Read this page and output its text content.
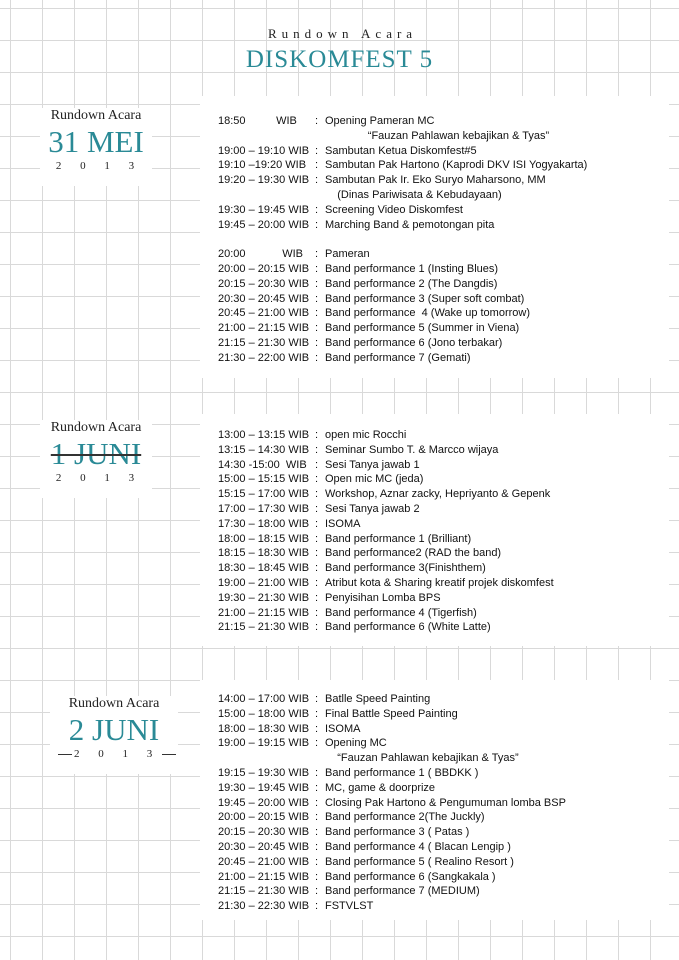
Rundown Acara
DISKOMFEST 5
Rundown Acara
31 MEI
2 0 1 3
18:50          WIB	: Opening Pameran MC
“Fauzan Pahlawan kebajikan & Tyas”
19:00 – 19:10 WIB : Sambutan Ketua Diskomfest#5
19:10 –19:20 WIB : Sambutan Pak Hartono (Kaprodi DKV ISI Yogyakarta)
19:20 – 19:30 WIB : Sambutan Pak Ir. Eko Suryo Maharsono, MM
(Dinas Pariwisata & Kebudayaan)
19:30 – 19:45 WIB : Screening Video Diskomfest
19:45 – 20:00 WIB : Marching Band & pemotongan pita
20:00            WIB	: Pameran
20:00 – 20:15 WIB : Band performance 1 (Insting Blues)
20:15 – 20:30 WIB : Band performance 2 (The Dangdis)
20:30 – 20:45 WIB : Band performance 3 (Super soft combat)
20:45 – 21:00 WIB : Band performance  4 (Wake up tomorrow)
21:00 – 21:15 WIB : Band performance 5 (Summer in Viena)
21:15 – 21:30 WIB : Band performance 6 (Jono terbakar)
21:30 – 22:00 WIB : Band performance 7 (Gemati)
Rundown Acara
1 JUNI
2 0 1 3
13:00 – 13:15 WIB : open mic Rocchi
13:15 – 14:30 WIB : Seminar Sumbo T. & Marcco wijaya
14:30 -15:00  WIB : Sesi Tanya jawab 1
15:00 – 15:15 WIB : Open mic MC (jeda)
15:15 – 17:00 WIB : Workshop, Aznar zacky, Hepriyanto & Gepenk
17:00 – 17:30 WIB : Sesi Tanya jawab 2
17:30 – 18:00 WIB : ISOMA
18:00 – 18:15 WIB : Band performance 1 (Brilliant)
18:15 – 18:30 WIB : Band performance2 (RAD the band)
18:30 – 18:45 WIB : Band performance 3(Finishthem)
19:00 – 21:00 WIB : Atribut kota & Sharing kreatif projek diskomfest
19:30 – 21:30 WIB : Penyisihan Lomba BPS
21:00 – 21:15 WIB : Band performance 4 (Tigerfish)
21:15 – 21:30 WIB : Band performance 6 (White Latte)
Rundown Acara
2 JUNI
2 0 1 3
14:00 – 17:00 WIB : Batlle Speed Painting
15:00 – 18:00 WIB : Final Battle Speed Painting
18:00 – 18:30 WIB : ISOMA
19:00 – 19:15 WIB : Opening MC
“Fauzan Pahlawan kebajikan & Tyas”
19:15 – 19:30 WIB : Band performance 1 ( BBDKK )
19:30 – 19:45 WIB : MC, game & doorprize
19:45 – 20:00 WIB : Closing Pak Hartono & Pengumuman lomba BSP
20:00 – 20:15 WIB : Band performance 2(The Juckly)
20:15 – 20:30 WIB : Band performance 3 ( Patas )
20:30 – 20:45 WIB : Band performance 4 ( Blacan Lengip )
20:45 – 21:00 WIB : Band performance 5 ( Realino Resort )
21:00 – 21:15 WIB : Band performance 6 (Sangkakala )
21:15 – 21:30 WIB : Band performance 7 (MEDIUM)
21:30 – 22:30 WIB : FSTVLST
